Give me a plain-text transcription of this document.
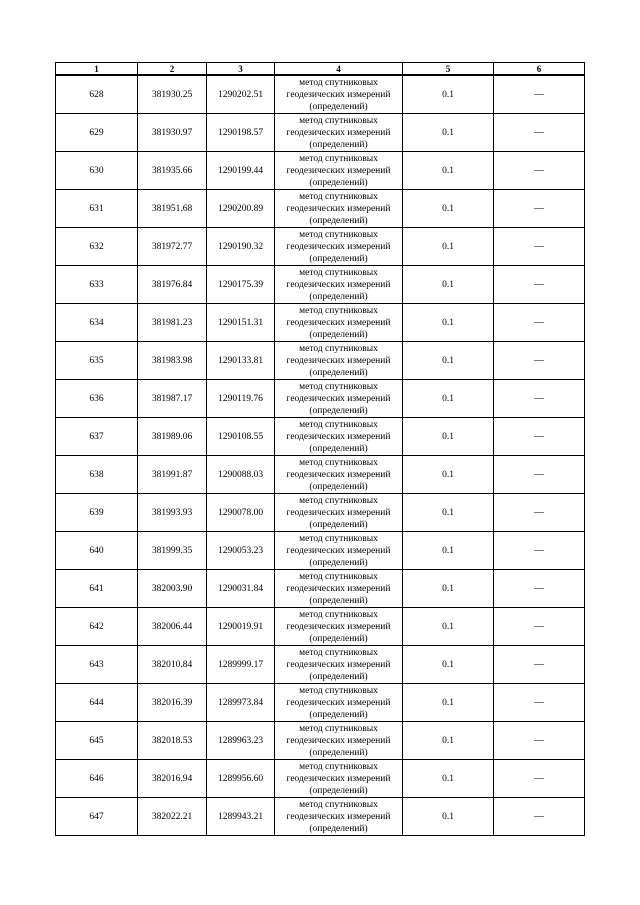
1	2	3	4	5	6
628	381930.25	1290202.51	метод спутниковых
геодезических измерений
(определений)	0.1	—
629	381930.97	1290198.57	метод спутниковых
геодезических измерений
(определений)	0.1	—
630	381935.66	1290199.44	метод спутниковых
геодезических измерений
(определений)	0.1	—
631	381951.68	1290200.89	метод спутниковых
геодезических измерений
(определений)	0.1	—
632	381972.77	1290190.32	метод спутниковых
геодезических измерений
(определений)	0.1	—
633	381976.84	1290175.39	метод спутниковых
геодезических измерений
(определений)	0.1	—
634	381981.23	1290151.31	метод спутниковых
геодезических измерений
(определений)	0.1	—
635	381983.98	1290133.81	метод спутниковых
геодезических измерений
(определений)	0.1	—
636	381987.17	1290119.76	метод спутниковых
геодезических измерений
(определений)	0.1	—
637	381989.06	1290108.55	метод спутниковых
геодезических измерений
(определений)	0.1	—
638	381991.87	1290088.03	метод спутниковых
геодезических измерений
(определений)	0.1	—
639	381993.93	1290078.00	метод спутниковых
геодезических измерений
(определений)	0.1	—
640	381999.35	1290053.23	метод спутниковых
геодезических измерений
(определений)	0.1	—
641	382003.90	1290031.84	метод спутниковых
геодезических измерений
(определений)	0.1	—
642	382006.44	1290019.91	метод спутниковых
геодезических измерений
(определений)	0.1	—
643	382010.84	1289999.17	метод спутниковых
геодезических измерений
(определений)	0.1	—
644	382016.39	1289973.84	метод спутниковых
геодезических измерений
(определений)	0.1	—
645	382018.53	1289963.23	метод спутниковых
геодезических измерений
(определений)	0.1	—
646	382016.94	1289956.60	метод спутниковых
геодезических измерений
(определений)	0.1	—
647	382022.21	1289943.21	метод спутниковых
геодезических измерений
(определений)	0.1	—
